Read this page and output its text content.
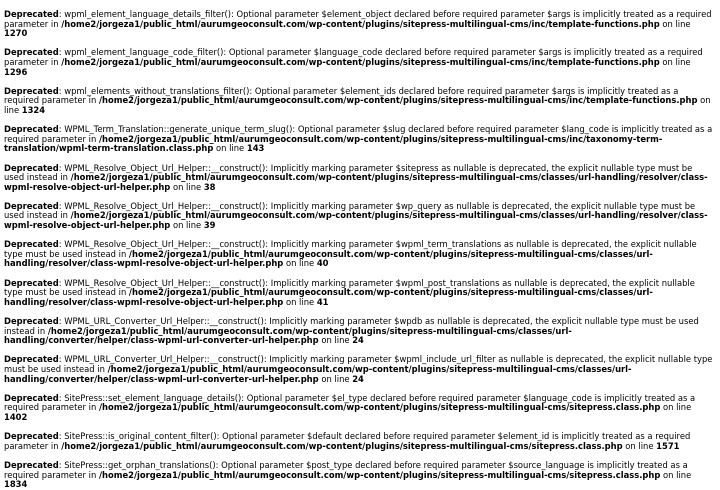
Deprecated: wpml_element_language_details_filter(): Optional parameter $element_object declared before required parameter $args is implicitly treated as a required parameter in /home2/jorgeza1/public_html/aurumgeoconsult.com/wp-content/plugins/sitepress-multilingual-cms/inc/template-functions.php on line 1270
Deprecated: wpml_element_language_code_filter(): Optional parameter $language_code declared before required parameter $args is implicitly treated as a required parameter in /home2/jorgeza1/public_html/aurumgeoconsult.com/wp-content/plugins/sitepress-multilingual-cms/inc/template-functions.php on line 1296
Deprecated: wpml_elements_without_translations_filter(): Optional parameter $element_ids declared before required parameter $args is implicitly treated as a required parameter in /home2/jorgeza1/public_html/aurumgeoconsult.com/wp-content/plugins/sitepress-multilingual-cms/inc/template-functions.php on line 1324
Deprecated: WPML_Term_Translation::generate_unique_term_slug(): Optional parameter $slug declared before required parameter $lang_code is implicitly treated as a required parameter in /home2/jorgeza1/public_html/aurumgeoconsult.com/wp-content/plugins/sitepress-multilingual-cms/inc/taxonomy-term-translation/wpml-term-translation.class.php on line 143
Deprecated: WPML_Resolve_Object_Url_Helper::__construct(): Implicitly marking parameter $sitepress as nullable is deprecated, the explicit nullable type must be used instead in /home2/jorgeza1/public_html/aurumgeoconsult.com/wp-content/plugins/sitepress-multilingual-cms/classes/url-handling/resolver/class-wpml-resolve-object-url-helper.php on line 38
Deprecated: WPML_Resolve_Object_Url_Helper::__construct(): Implicitly marking parameter $wp_query as nullable is deprecated, the explicit nullable type must be used instead in /home2/jorgeza1/public_html/aurumgeoconsult.com/wp-content/plugins/sitepress-multilingual-cms/classes/url-handling/resolver/class-wpml-resolve-object-url-helper.php on line 39
Deprecated: WPML_Resolve_Object_Url_Helper::__construct(): Implicitly marking parameter $wpml_term_translations as nullable is deprecated, the explicit nullable type must be used instead in /home2/jorgeza1/public_html/aurumgeoconsult.com/wp-content/plugins/sitepress-multilingual-cms/classes/url-handling/resolver/class-wpml-resolve-object-url-helper.php on line 40
Deprecated: WPML_Resolve_Object_Url_Helper::__construct(): Implicitly marking parameter $wpml_post_translations as nullable is deprecated, the explicit nullable type must be used instead in /home2/jorgeza1/public_html/aurumgeoconsult.com/wp-content/plugins/sitepress-multilingual-cms/classes/url-handling/resolver/class-wpml-resolve-object-url-helper.php on line 41
Deprecated: WPML_URL_Converter_Url_Helper::__construct(): Implicitly marking parameter $wpdb as nullable is deprecated, the explicit nullable type must be used instead in /home2/jorgeza1/public_html/aurumgeoconsult.com/wp-content/plugins/sitepress-multilingual-cms/classes/url-handling/converter/helper/class-wpml-url-converter-url-helper.php on line 24
Deprecated: WPML_URL_Converter_Url_Helper::__construct(): Implicitly marking parameter $wpml_include_url_filter as nullable is deprecated, the explicit nullable type must be used instead in /home2/jorgeza1/public_html/aurumgeoconsult.com/wp-content/plugins/sitepress-multilingual-cms/classes/url-handling/converter/helper/class-wpml-url-converter-url-helper.php on line 24
Deprecated: SitePress::set_element_language_details(): Optional parameter $el_type declared before required parameter $language_code is implicitly treated as a required parameter in /home2/jorgeza1/public_html/aurumgeoconsult.com/wp-content/plugins/sitepress-multilingual-cms/sitepress.class.php on line 1402
Deprecated: SitePress::is_original_content_filter(): Optional parameter $default declared before required parameter $element_id is implicitly treated as a required parameter in /home2/jorgeza1/public_html/aurumgeoconsult.com/wp-content/plugins/sitepress-multilingual-cms/sitepress.class.php on line 1571
Deprecated: SitePress::get_orphan_translations(): Optional parameter $post_type declared before required parameter $source_language is implicitly treated as a required parameter in /home2/jorgeza1/public_html/aurumgeoconsult.com/wp-content/plugins/sitepress-multilingual-cms/sitepress.class.php on line 1834
